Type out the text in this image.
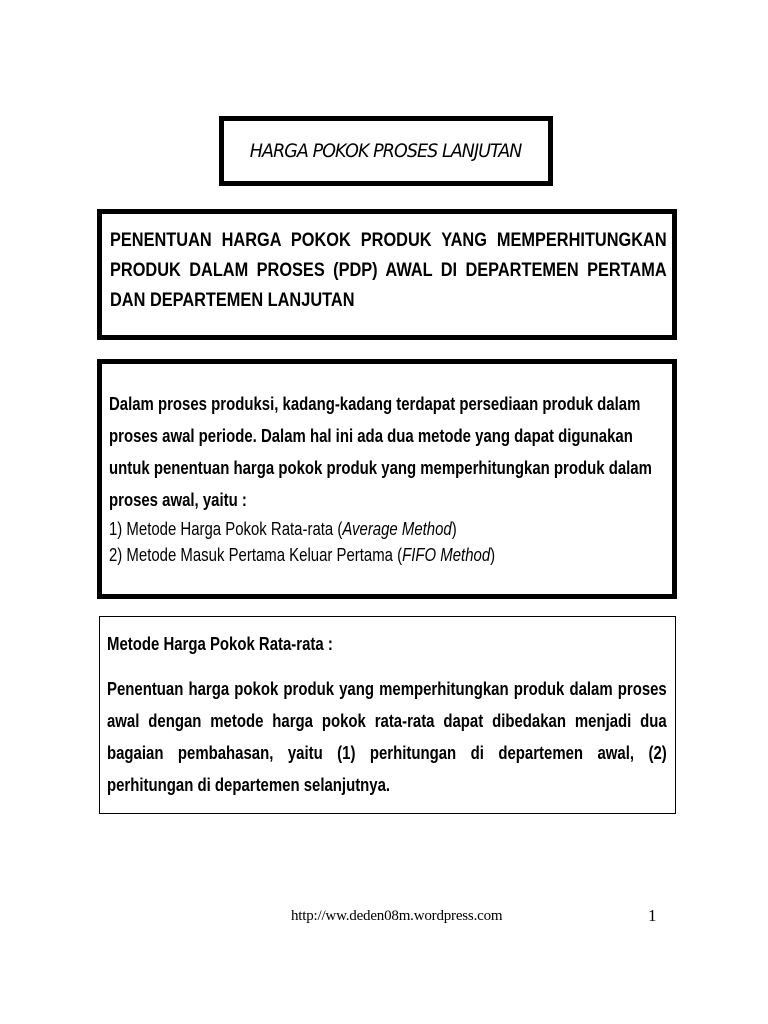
HARGA POKOK PROSES LANJUTAN
PENENTUAN HARGA POKOK PRODUK YANG MEMPERHITUNGKAN PRODUK DALAM PROSES (PDP) AWAL DI DEPARTEMEN PERTAMA DAN DEPARTEMEN LANJUTAN
Dalam proses produksi, kadang-kadang terdapat persediaan produk dalam proses awal periode. Dalam hal ini ada dua metode yang dapat digunakan untuk penentuan harga pokok produk yang memperhitungkan produk dalam proses awal, yaitu :
1) Metode Harga Pokok Rata-rata (Average Method)
2) Metode Masuk Pertama Keluar Pertama (FIFO Method)
Metode Harga Pokok Rata-rata :
Penentuan harga pokok produk yang memperhitungkan produk dalam proses awal dengan metode harga pokok rata-rata dapat dibedakan menjadi dua bagaian pembahasan, yaitu (1) perhitungan di departemen awal, (2) perhitungan di departemen selanjutnya.
http://ww.deden08m.wordpress.com	1
